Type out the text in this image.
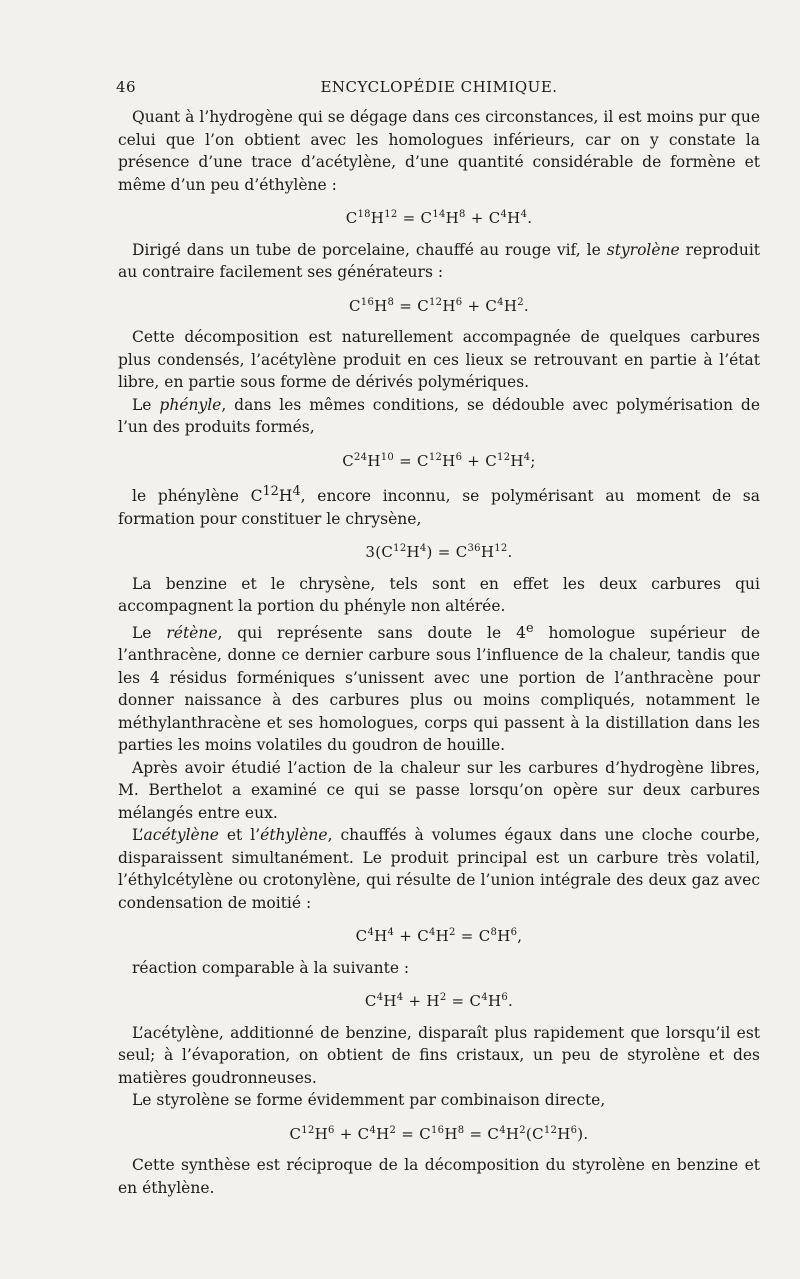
46	ENCYCLOPÉDIE CHIMIQUE.

Quant à l’hydrogène qui se dégage dans ces circonstances, il est moins pur que celui que l’on obtient avec les homologues inférieurs, car on y constate la présence d’une trace d’acétylène, d’une quantité considérable de formène et même d’un peu d’éthylène :

$C^{18}H^{12} = C^{14}H^8 + C^4H^4$.

Dirigé dans un tube de porcelaine, chauffé au rouge vif, le styrolène reproduit au contraire facilement ses générateurs :

$C^{16}H^8 = C^{12}H^6 + C^4H^2$.

Cette décomposition est naturellement accompagnée de quelques carbures plus condensés, l’acétylène produit en ces lieux se retrouvant en partie à l’état libre, en partie sous forme de dérivés polymériques.

Le phényle, dans les mêmes conditions, se dédouble avec polymérisation de l’un des produits formés,

$C^{24}H^{10} = C^{12}H^6 + C^{12}H^4$;

le phénylène $C^{12}H^4$, encore inconnu, se polymérisant au moment de sa formation pour constituer le chrysène,

$3(C^{12}H^4) = C^{36}H^{12}$.

La benzine et le chrysène, tels sont en effet les deux carbures qui accompagnent la portion du phényle non altérée.

Le rétène, qui représente sans doute le 4e homologue supérieur de l’anthracène, donne ce dernier carbure sous l’influence de la chaleur, tandis que les 4 résidus forméniques s’unissent avec une portion de l’anthracène pour donner naissance à des carbures plus ou moins compliqués, notamment le méthylanthracène et ses homologues, corps qui passent à la distillation dans les parties les moins volatiles du goudron de houille.

Après avoir étudié l’action de la chaleur sur les carbures d’hydrogène libres, M. Berthelot a examiné ce qui se passe lorsqu’on opère sur deux carbures mélangés entre eux.

L’acétylène et l’éthylène, chauffés à volumes égaux dans une cloche courbe, disparaissent simultanément. Le produit principal est un carbure très volatil, l’éthylcétylène ou crotonylène, qui résulte de l’union intégrale des deux gaz avec condensation de moitié :

$C^4H^4 + C^4H^2 = C^8H^6$,

réaction comparable à la suivante :

$C^4H^4 + H^2 = C^4H^6$.

L’acétylène, additionné de benzine, disparaît plus rapidement que lorsqu’il est seul; à l’évaporation, on obtient de fins cristaux, un peu de styrolène et des matières goudronneuses.

Le styrolène se forme évidemment par combinaison directe,

$C^{12}H^6 + C^4H^2 = C^{16}H^8 = C^4H^2(C^{12}H^6)$.

Cette synthèse est réciproque de la décomposition du styrolène en benzine et en éthylène.
